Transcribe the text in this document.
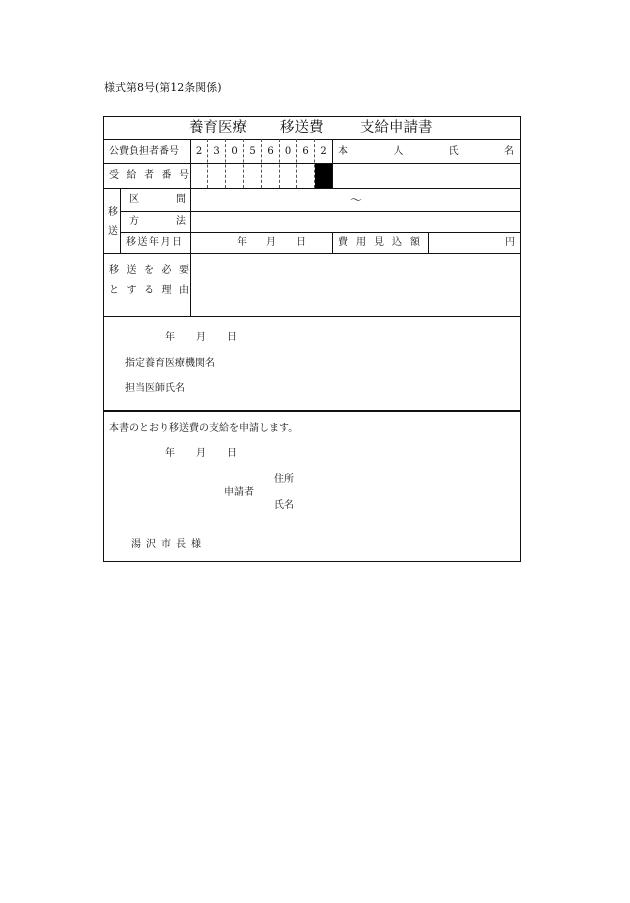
様式第8号(第12条関係)
養育医療 移送費	支給申請書
公費負担者番号	2	3	0	5	6	0	6	2	本	人	氏	名
受給者番号
移
送
区	間	～
方	法
移送年月日	年 月 日	費用見込額	円
移送を必要
とする理由
年 月 日
指定養育医療機関名
担当医師氏名
本書のとおり移送費の支給を申請します。
年 月 日
住所
申請者
氏名
湯沢市長様
